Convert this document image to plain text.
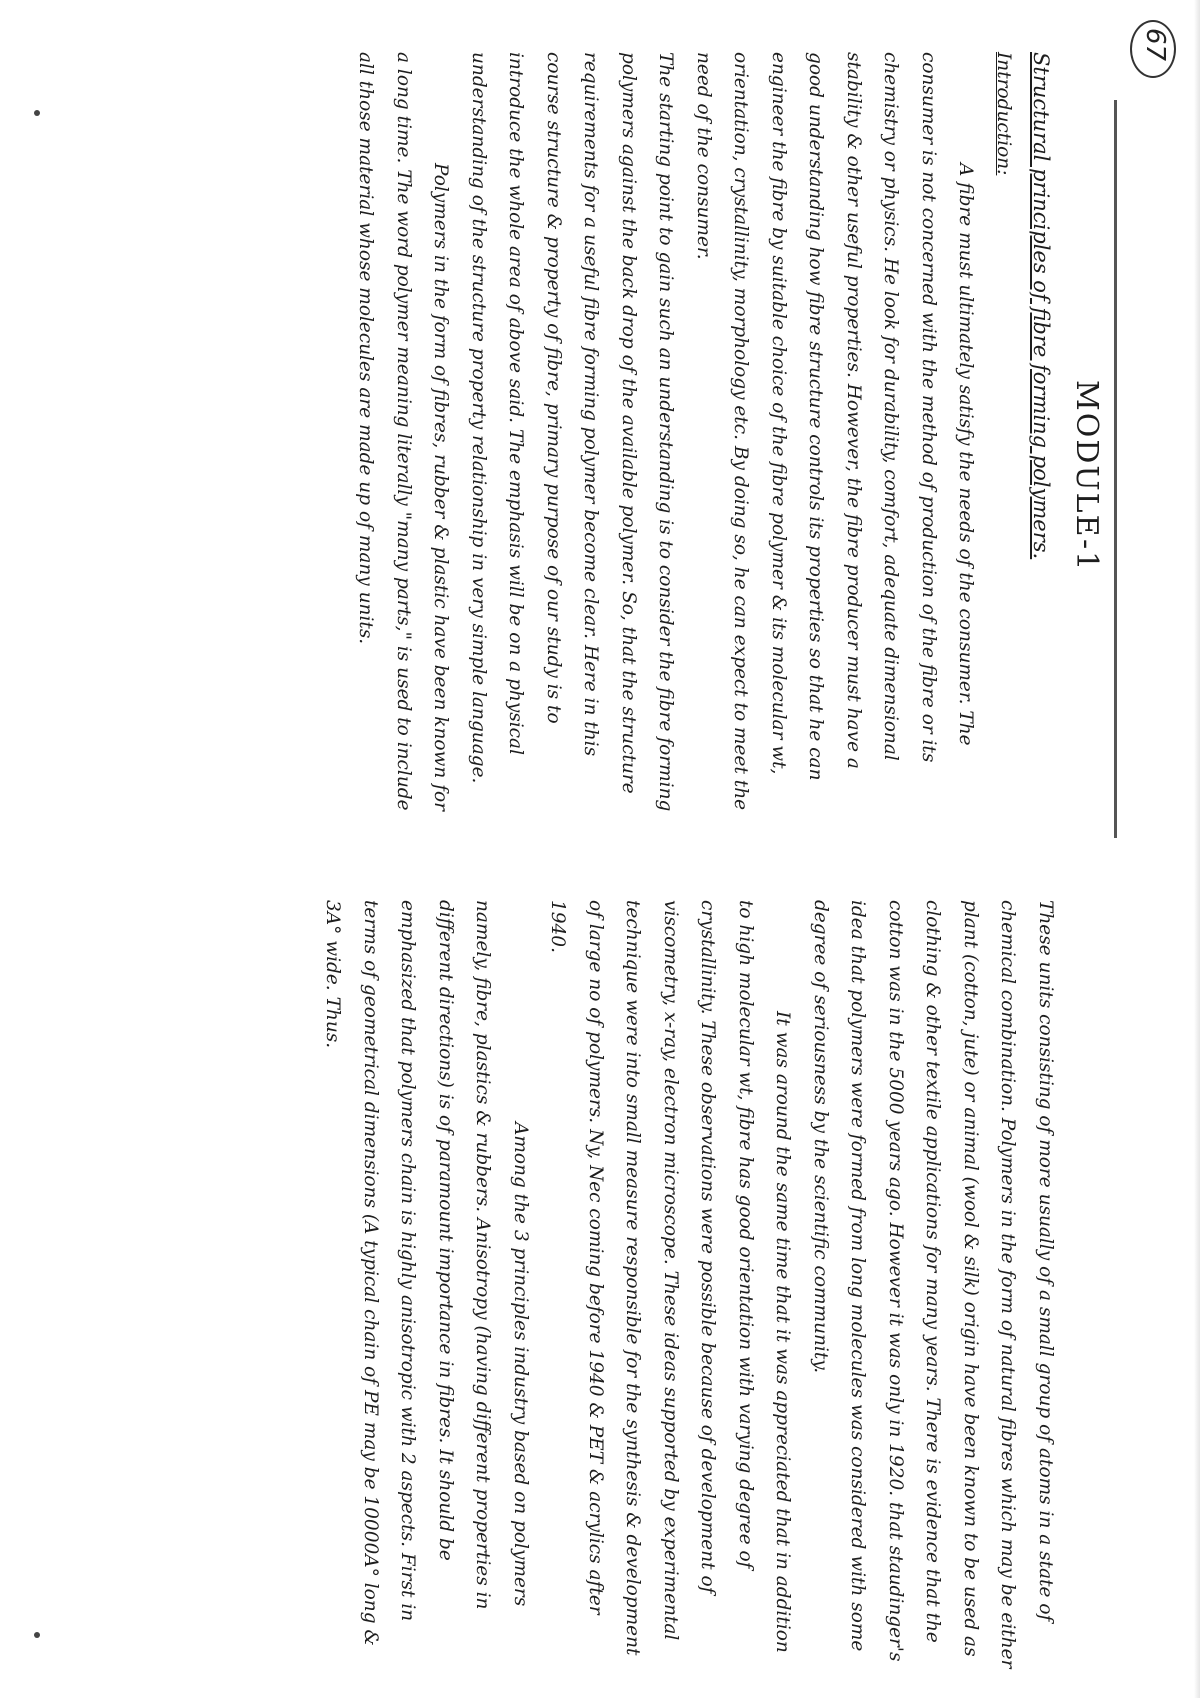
67
MODULE-1
Structural principles of fibre forming polymers.
Introduction:

A fibre must ultimately satisfy the needs of the consumer. The consumer is not concerned with the method of production of the fibre or its chemistry or physics. He look for durability, comfort, adequate dimensional stability & other useful properties. However, the fibre producer must have a good understanding how fibre structure controls its properties so that he can engineer the fibre by suitable choice of the fibre polymer & its molecular wt, orientation, crystallinity, morphology etc. By doing so, he can expect to meet the need of the consumer.

The starting point to gain such an understanding is to consider the fibre forming polymers against the back drop of the available polymer. So, that the structure requirements for a useful fibre forming polymer become clear. Here in this course structure & property of fibre, primary purpose of our study is to introduce the whole area of above said. The emphasis will be on a physical understanding of the structure property relationship in very simple language.

Polymers in the form of fibres, rubber & plastic have been known for a long time. The word polymer meaning literally "many parts," is used to include all those material whose molecules are made up of many units.

These units consisting of more usually of a small group of atoms in a state of chemical combination. Polymers in the form of natural fibres which may be either plant (cotton, jute) or animal (wool & silk) origin have been known to be used as clothing & other textile applications for many years. There is evidence that the cotton was in the 5000 years ago. However it was only in 1920. that staudinger's idea that polymers were formed from long molecules was considered with some degree of seriousness by the scientific community.

It was around the same time that it was appreciated that in addition to high molecular wt, fibre has good orientation with varying degree of crystallinity. These observations were possible because of development of viscometry, x-ray, electron microscope. These ideas supported by experimental technique were into small measure responsible for the synthesis & development of large no of polymers. Ny, Nec coming before 1940 & PET & acrylics after 1940.

Among the 3 principles industry based on polymers namely, fibre, plastics & rubbers. Anisotropy (having different properties in different directions) is of paramount importance in fibres. It should be emphasized that polymers chain is highly anisotropic with 2 aspects. First in terms of geometrical dimensions (A typical chain of PE may be 10000A° long & 3A° wide. Thus.
